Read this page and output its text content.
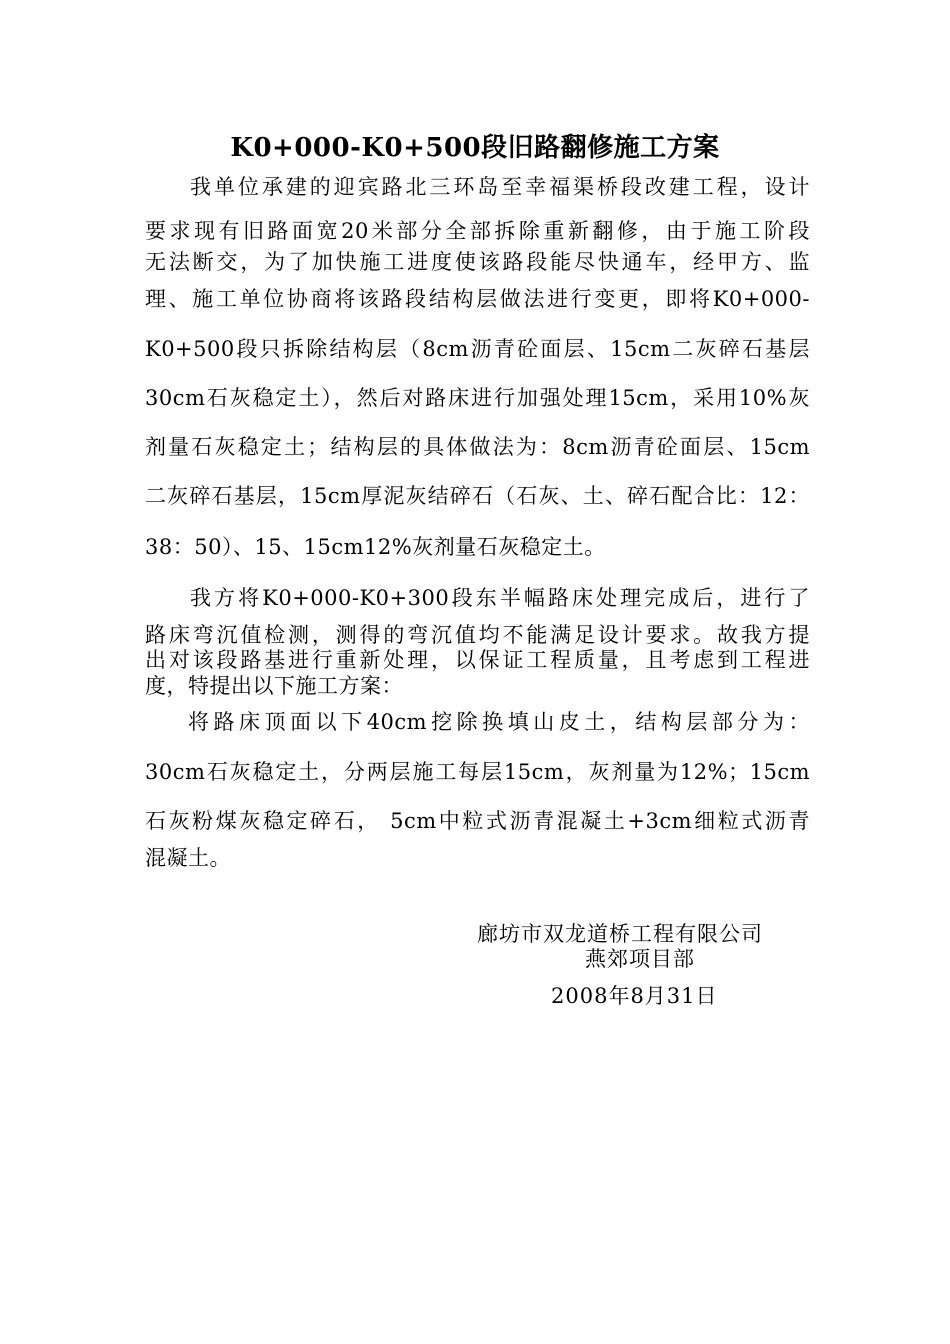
K0+000-K0+500段旧路翻修施工方案

我单位承建的迎宾路北三环岛至幸福渠桥段改建工程，设计

要求现有旧路面宽20米部分全部拆除重新翻修，由于施工阶段

无法断交，为了加快施工进度使该路段能尽快通车，经甲方、监

理、施工单位协商将该路段结构层做法进行变更，即将K0+000-

K0+500段只拆除结构层（8cm沥青砼面层、15cm二灰碎石基层

30cm石灰稳定土），然后对路床进行加强处理15cm，采用10%灰

剂量石灰稳定土；结构层的具体做法为：8cm沥青砼面层、15cm

二灰碎石基层，15cm厚泥灰结碎石（石灰、土、碎石配合比：12：

38：50）、15、15cm12%灰剂量石灰稳定土。

我方将K0+000-K0+300段东半幅路床处理完成后，进行了

路床弯沉值检测，测得的弯沉值均不能满足设计要求。故我方提

出对该段路基进行重新处理，以保证工程质量，且考虑到工程进

度，特提出以下施工方案：

将路床顶面以下40cm挖除换填山皮土，结构层部分为：

30cm石灰稳定土，分两层施工每层15cm，灰剂量为12%；15cm

石灰粉煤灰稳定碎石， 5cm中粒式沥青混凝土+3cm细粒式沥青

混凝土。

廊坊市双龙道桥工程有限公司

燕郊项目部

2008年8月31日
